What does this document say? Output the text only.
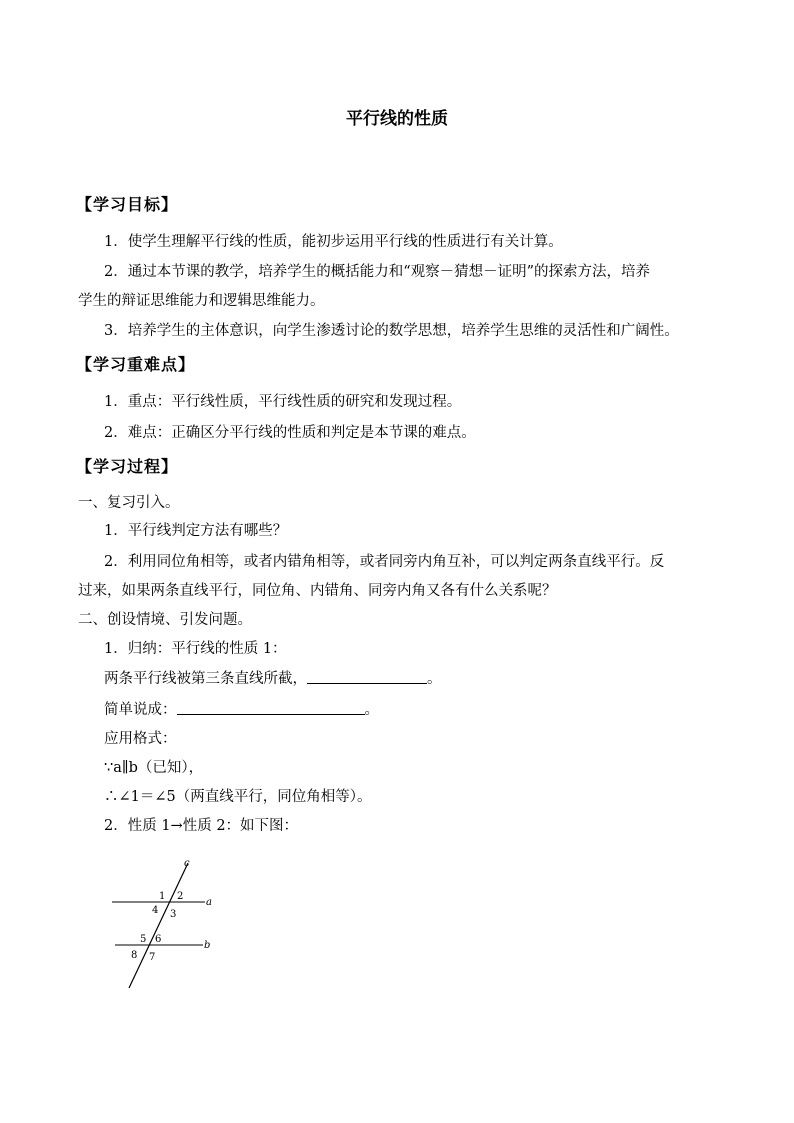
平行线的性质
【学习目标】
1．使学生理解平行线的性质，能初步运用平行线的性质进行有关计算。
2．通过本节课的教学，培养学生的概括能力和“观察－猜想－证明”的探索方法，培养
学生的辩证思维能力和逻辑思维能力。
3．培养学生的主体意识，向学生渗透讨论的数学思想，培养学生思维的灵活性和广阔性。
【学习重难点】
1．重点：平行线性质，平行线性质的研究和发现过程。
2．难点：正确区分平行线的性质和判定是本节课的难点。
【学习过程】
一、复习引入。
1．平行线判定方法有哪些？
2．利用同位角相等，或者内错角相等，或者同旁内角互补，可以判定两条直线平行。反
过来，如果两条直线平行，同位角、内错角、同旁内角又各有什么关系呢？
二、创设情境、引发问题。
1．归纳：平行线的性质 1：
两条平行线被第三条直线所截，	。
简单说成：	。
应用格式：
∵a∥b（已知），
∴∠1＝∠5（两直线平行，同位角相等）。
2．性质 1→性质 2：如下图：
c
a
b
1 2
4 3
5 6
8 7
